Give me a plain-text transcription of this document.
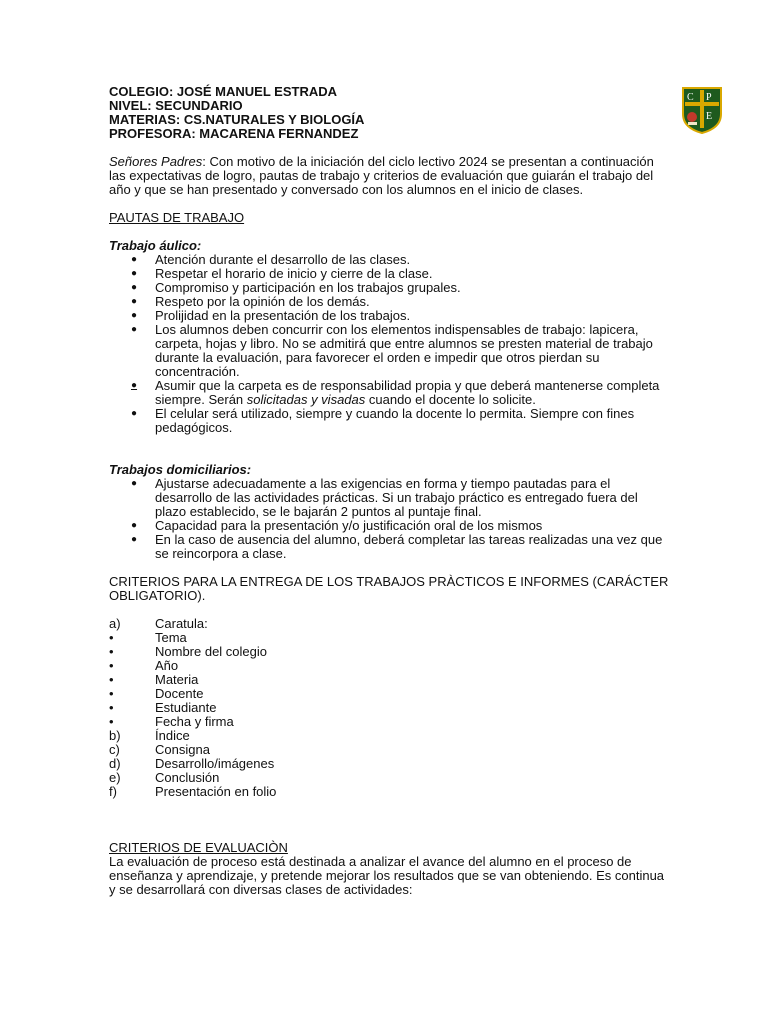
C P
E
COLEGIO: JOSÉ MANUEL ESTRADA
NIVEL: SECUNDARIO
MATERIAS: CS.NATURALES Y BIOLOGÍA
PROFESORA: MACARENA FERNANDEZ

Señores Padres: Con motivo de la iniciación del ciclo lectivo 2024 se presentan a continuación las expectativas de logro, pautas de trabajo y criterios de evaluación que guiarán el trabajo del año y que se han presentado y conversado con los alumnos en el inicio de clases.

PAUTAS DE TRABAJO
Trabajo áulico:
● Atención durante el desarrollo de las clases.
● Respetar el horario de inicio y cierre de la clase.
● Compromiso y participación en los trabajos grupales.
● Respeto por la opinión de los demás.
● Prolijidad en la presentación de los trabajos.
● Los alumnos deben concurrir con los elementos indispensables de trabajo: lapicera, carpeta, hojas y libro. No se admitirá que entre alumnos se presten material de trabajo durante la evaluación, para favorecer el orden e impedir que otros pierdan su concentración.
● Asumir que la carpeta es de responsabilidad propia y que deberá mantenerse completa siempre. Serán solicitadas y visadas cuando el docente lo solicite.
● El celular será utilizado, siempre y cuando la docente lo permita. Siempre con fines pedagógicos.
Trabajos domiciliarios:
● Ajustarse adecuadamente a las exigencias en forma y tiempo pautadas para el desarrollo de las actividades prácticas. Si un trabajo práctico es entregado fuera del plazo establecido, se le bajarán 2 puntos al puntaje final.
● Capacidad para la presentación y/o justificación oral de los mismos
● En la caso de ausencia del alumno, deberá completar las tareas realizadas una vez que se reincorpora a clase.
CRITERIOS PARA LA ENTREGA DE LOS TRABAJOS PRÀCTICOS E INFORMES (CARÁCTER OBLIGATORIO).
a)	Caratula:
•	Tema
•	Nombre del colegio
•	Año
•	Materia
•	Docente
•	Estudiante
•	Fecha y firma
b)	Índice
c)	Consigna
d)	Desarrollo/imágenes
e)	Conclusión
f)	Presentación en folio
CRITERIOS DE EVALUACIÒN

La evaluación de proceso está destinada a analizar el avance del alumno en el proceso de enseñanza y aprendizaje, y pretende mejorar los resultados que se van obteniendo. Es continua y se desarrollará con diversas clases de actividades:
